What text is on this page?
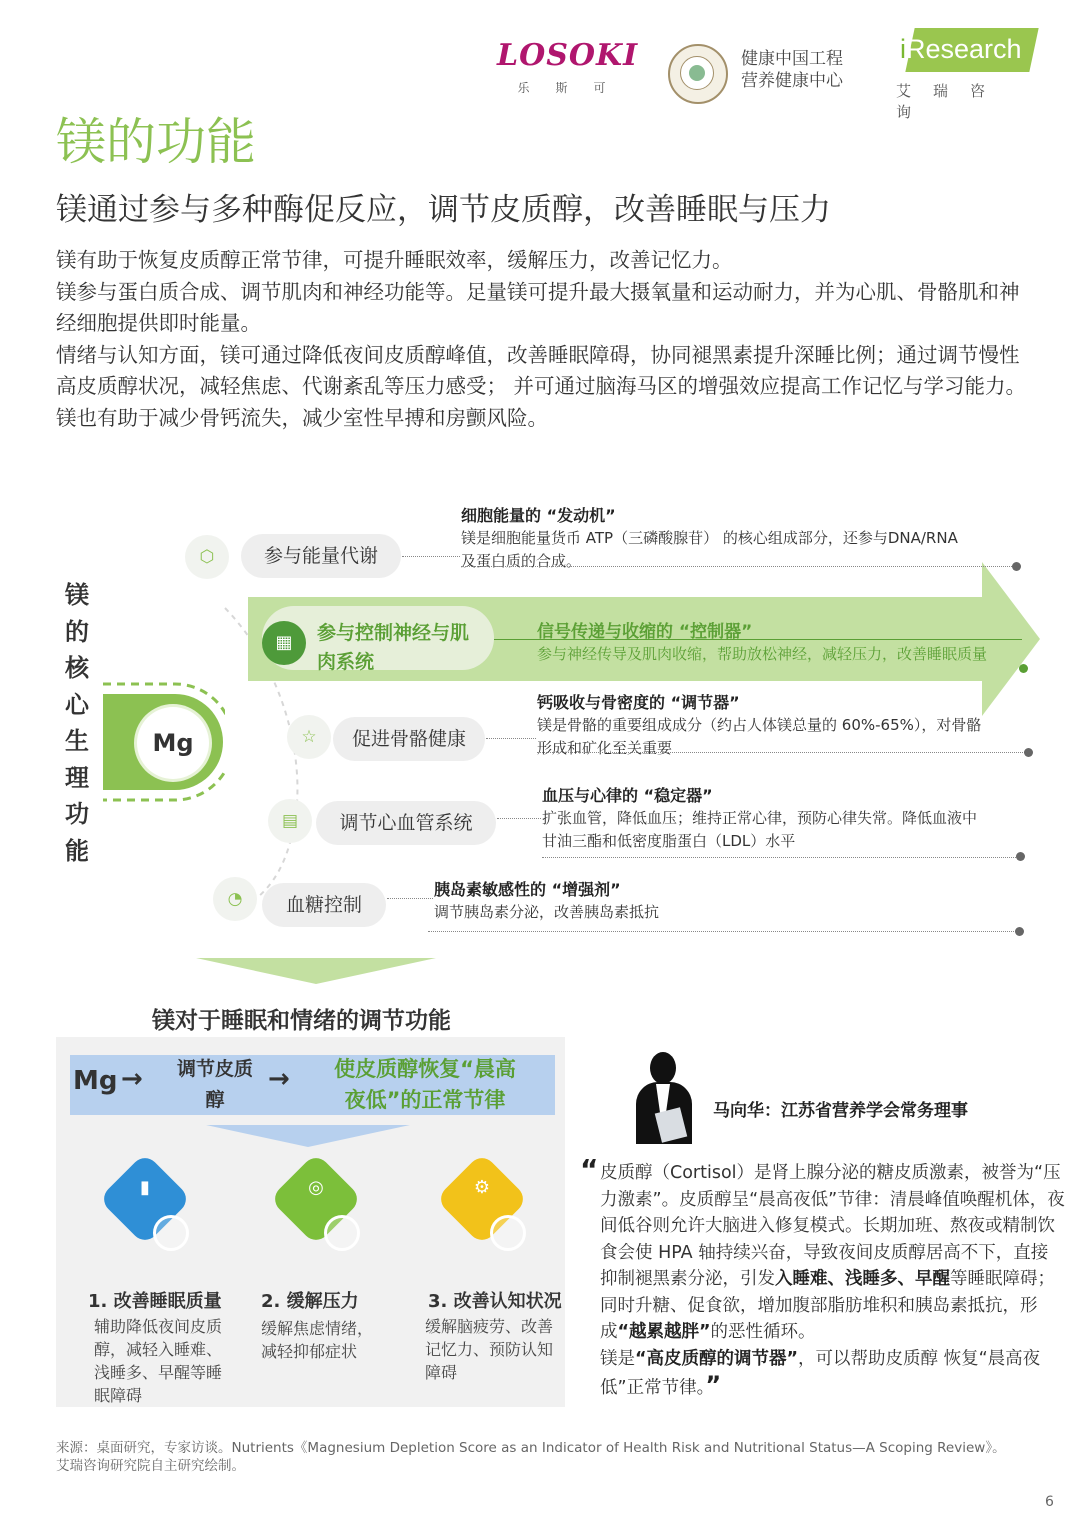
LOSOKI
乐斯可
健康中国工程
营养健康中心
iResearch
艾瑞咨询
镁的功能
镁通过参与多种酶促反应，调节皮质醇，改善睡眠与压力

镁有助于恢复皮质醇正常节律，可提升睡眠效率，缓解压力，改善记忆力。

镁参与蛋白质合成、调节肌肉和神经功能等。足量镁可提升最大摄氧量和运动耐力，并为心肌、骨骼肌和神经细胞提供即时能量。

情绪与认知方面，镁可通过降低夜间皮质醇峰值，改善睡眠障碍，协同褪黑素提升深睡比例；通过调节慢性高皮质醇状况，减轻焦虑、代谢紊乱等压力感受； 并可通过脑海马区的增强效应提高工作记忆与学习能力。

镁也有助于减少骨钙流失，减少室性早搏和房颤风险。

镁
的
核
心
生
理
功
能
Mg
⬡	参与能量代谢
细胞能量的 “发动机”
镁是细胞能量货币 ATP（三磷酸腺苷） 的核心组成部分，还参与DNA/RNA
及蛋白质的合成。
▦	参与控制神经与肌
肉系统
信号传递与收缩的 “控制器”
参与神经传导及肌肉收缩，帮助放松神经，减轻压力，改善睡眠质量
☆	促进骨骼健康
钙吸收与骨密度的 “调节器”
镁是骨骼的重要组成成分（约占人体镁总量的 60%-65%），对骨骼
形成和矿化至关重要
▤	调节心血管系统
血压与心律的 “稳定器”
扩张血管，降低血压；维持正常心律，预防心律失常。降低血液中
甘油三酯和低密度脂蛋白（LDL）水平
◔	血糖控制
胰岛素敏感性的 “增强剂”
调节胰岛素分泌，改善胰岛素抵抗
镁对于睡眠和情绪的调节功能
Mg →	调节皮质
醇
→	使皮质醇恢复“晨高
夜低”的正常节律
▮
1. 改善睡眠质量
辅助降低夜间皮质
醇，减轻入睡难、
浅睡多、早醒等睡
眠障碍
◎
2. 缓解压力
缓解焦虑情绪，
减轻抑郁症状
⚙
3. 改善认知状况
缓解脑疲劳、改善
记忆力、预防认知
障碍
马向华：江苏省营养学会常务理事
“ 皮质醇（Cortisol）是肾上腺分泌的糖皮质激素，被誉为“压力激素”。皮质醇呈“晨高夜低”节律：清晨峰值唤醒机体，夜间低谷则允许大脑进入修复模式。长期加班、熬夜或精制饮食会使 HPA 轴持续兴奋，导致夜间皮质醇居高不下，直接抑制褪黑素分泌，引发入睡难、浅睡多、早醒等睡眠障碍；同时升糖、促食欲，增加腹部脂肪堆积和胰岛素抵抗，形成“越累越胖”的恶性循环。
镁是“高皮质醇的调节器”，可以帮助皮质醇 恢复“晨高夜低”正常节律。”
来源：桌面研究，专家访谈。Nutrients《Magnesium Depletion Score as an Indicator of Health Risk and Nutritional Status—A Scoping Review》。艾瑞咨询研究院自主研究绘制。
6
